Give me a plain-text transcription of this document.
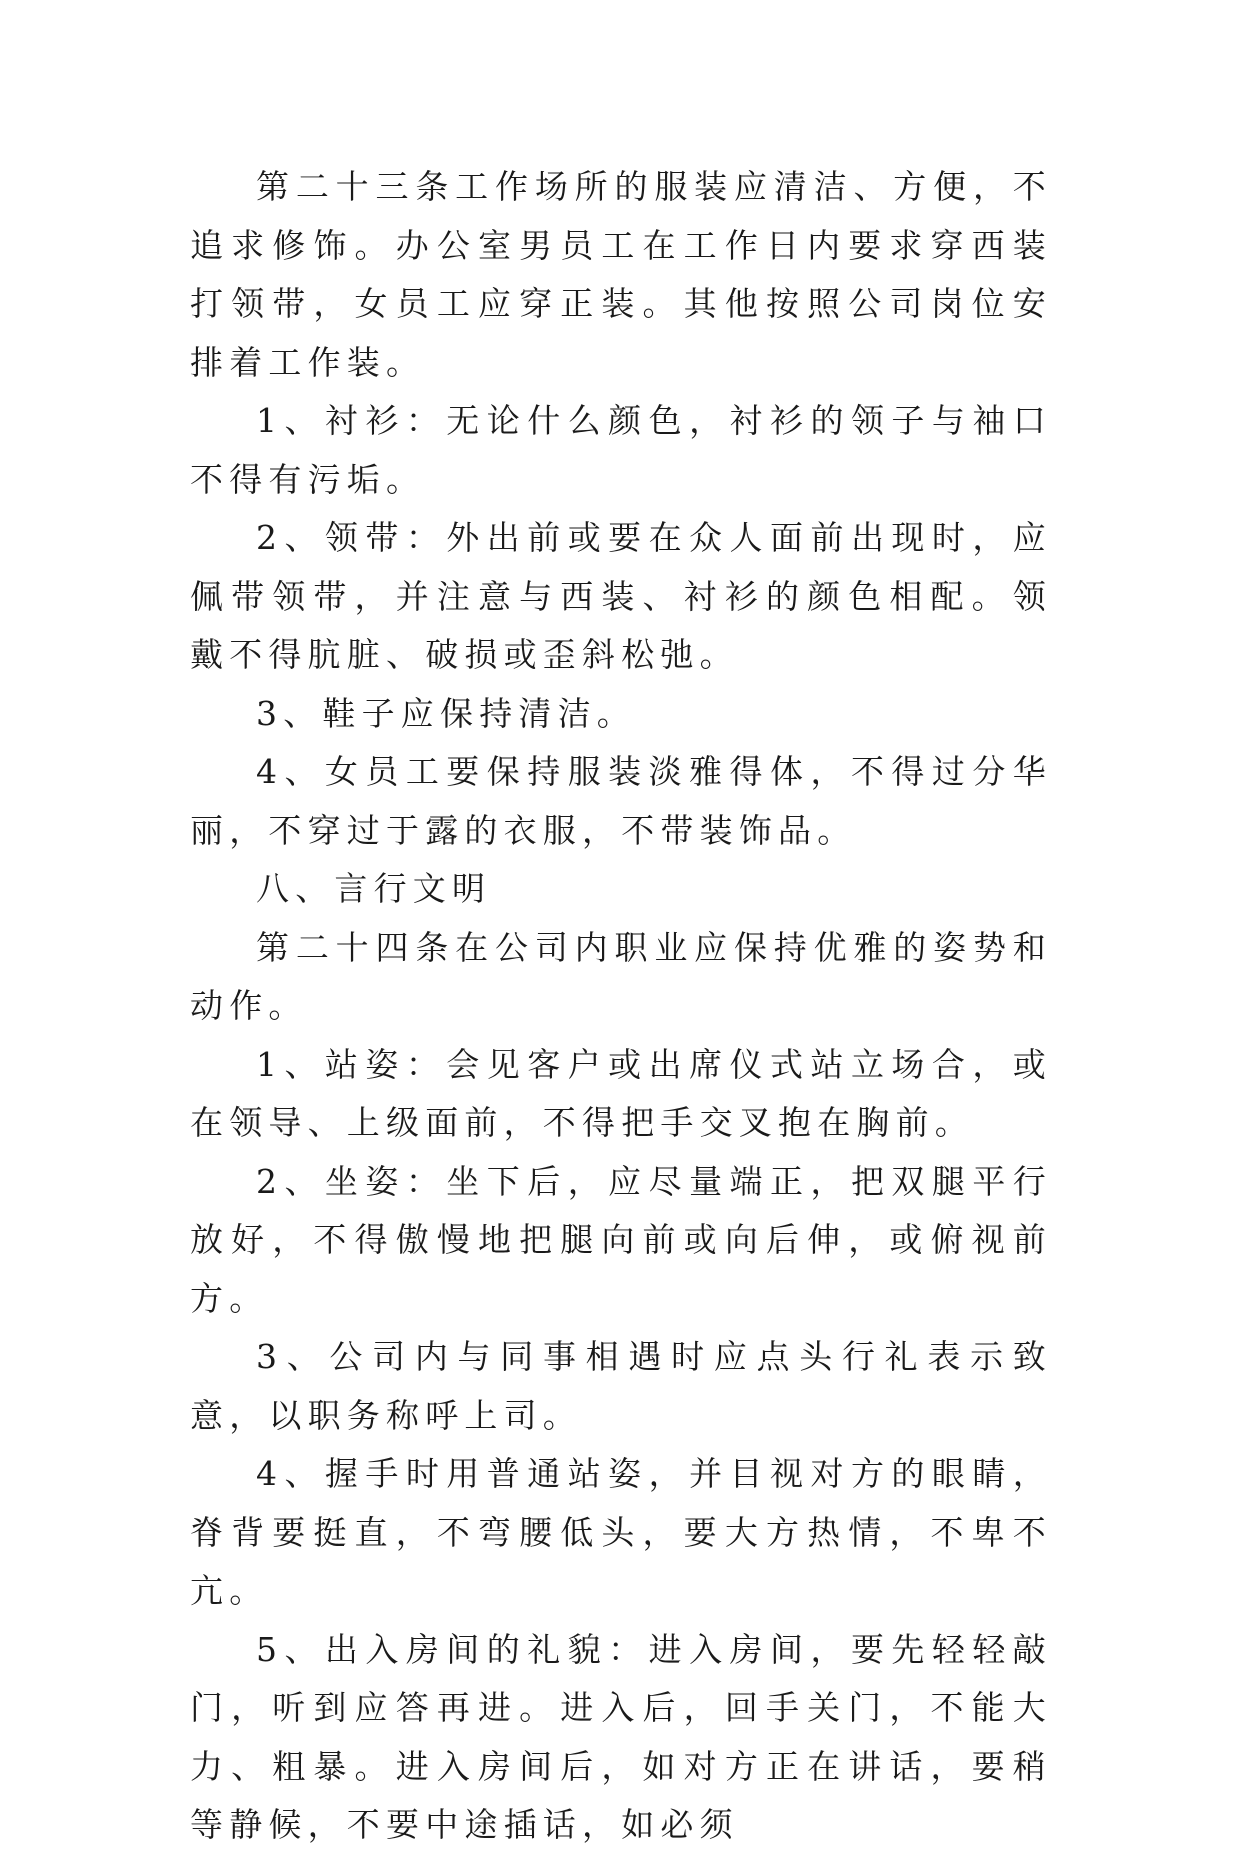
第二十三条工作场所的服装应清洁、方便，不追求修饰。办公室男员工在工作日内要求穿西装打领带，女员工应穿正装。其他按照公司岗位安排着工作装。

1、衬衫：无论什么颜色，衬衫的领子与袖口不得有污垢。

2、领带：外出前或要在众人面前出现时，应佩带领带，并注意与西装、衬衫的颜色相配。领戴不得肮脏、破损或歪斜松弛。

3、鞋子应保持清洁。

4、女员工要保持服装淡雅得体，不得过分华丽，不穿过于露的衣服，不带装饰品。

八、言行文明

第二十四条在公司内职业应保持优雅的姿势和动作。

1、站姿：会见客户或出席仪式站立场合，或在领导、上级面前，不得把手交叉抱在胸前。

2、坐姿：坐下后，应尽量端正，把双腿平行放好，不得傲慢地把腿向前或向后伸，或俯视前方。

3、公司内与同事相遇时应点头行礼表示致意，以职务称呼上司。

4、握手时用普通站姿，并目视对方的眼睛，脊背要挺直，不弯腰低头，要大方热情，不卑不亢。

5、出入房间的礼貌：进入房间，要先轻轻敲门，听到应答再进。进入后，回手关门，不能大力、粗暴。进入房间后，如对方正在讲话，要稍等静候，不要中途插话，如必须
